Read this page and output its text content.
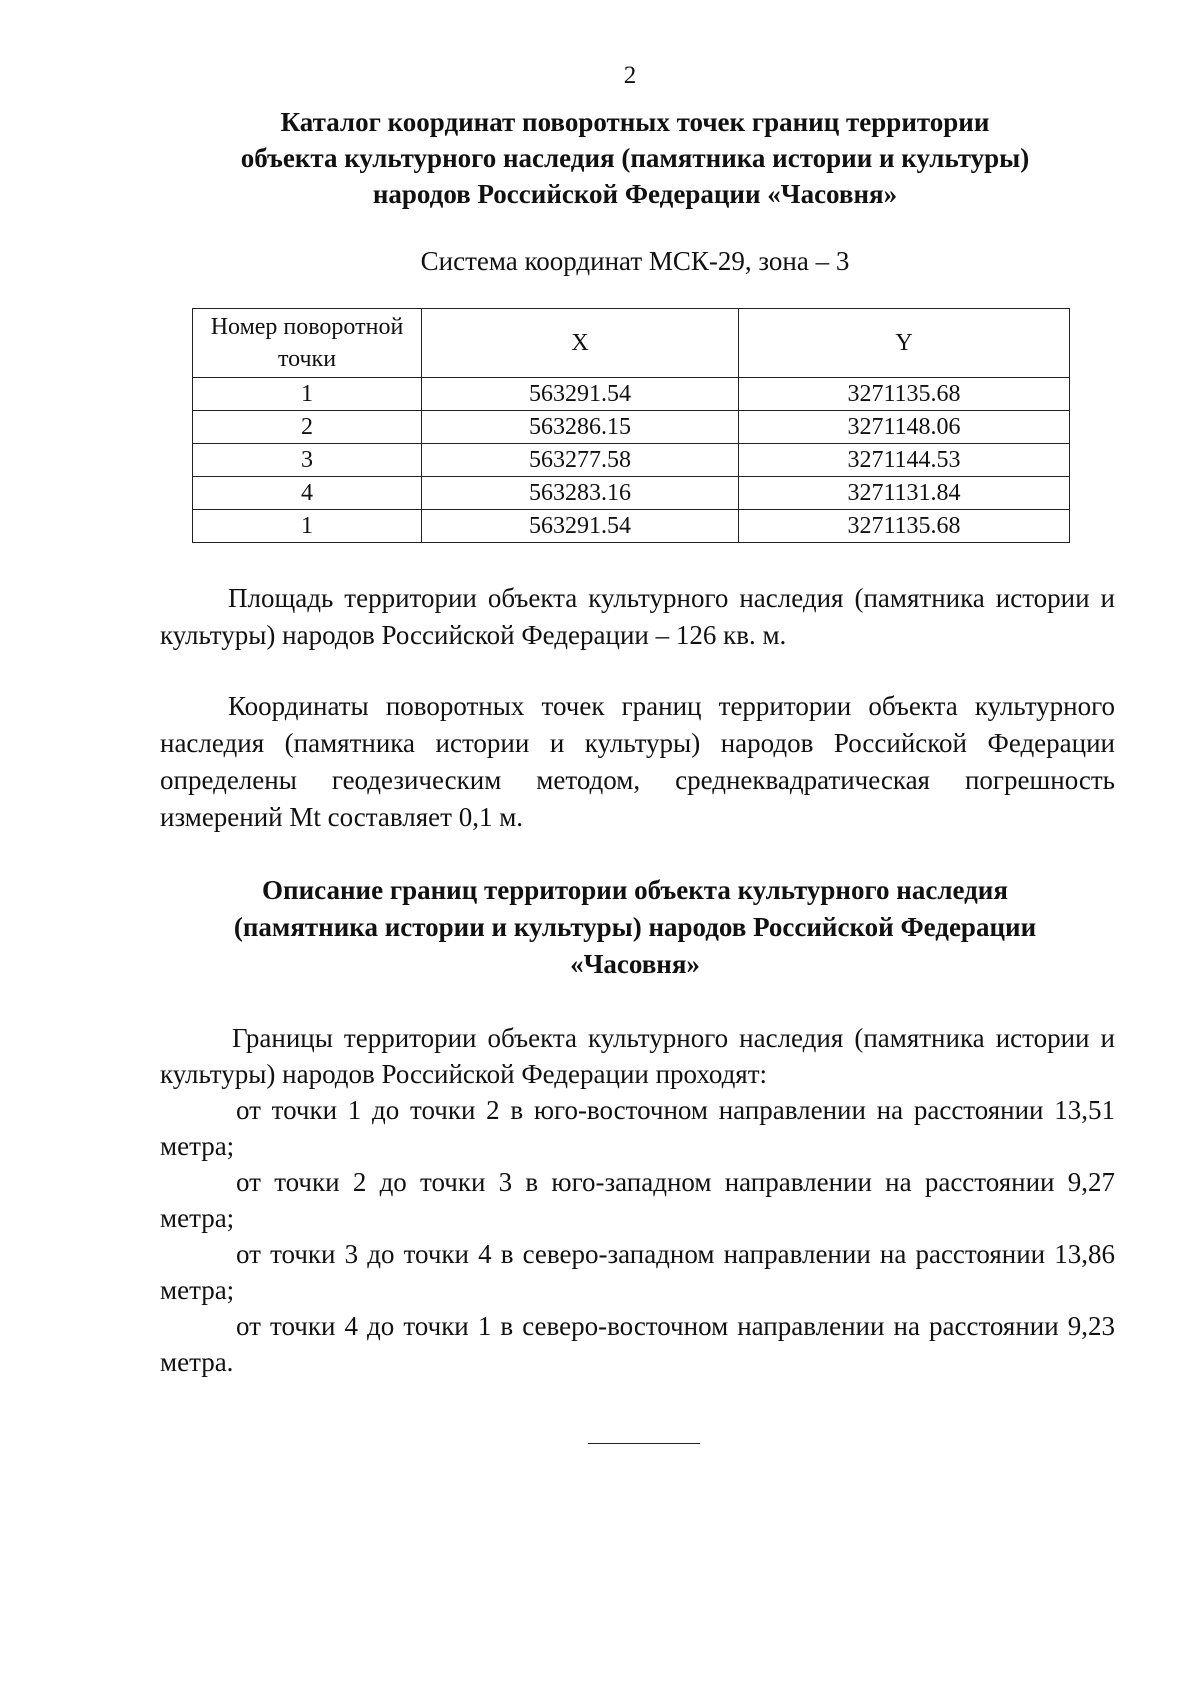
2
Каталог координат поворотных точек границ территории
объекта культурного наследия (памятника истории и культуры)
народов Российской Федерации «Часовня»
Система координат МСК-29, зона – 3
Номер поворотной точки	X	Y
1	563291.54	3271135.68
2	563286.15	3271148.06
3	563277.58	3271144.53
4	563283.16	3271131.84
1	563291.54	3271135.68
Площадь территории объекта культурного наследия (памятника истории и культуры) народов Российской Федерации – 126 кв. м.
Координаты поворотных точек границ территории объекта культурного наследия (памятника истории и культуры) народов Российской Федерации определены геодезическим методом, среднеквадратическая погрешность измерений Mt составляет 0,1 м.
Описание границ территории объекта культурного наследия
(памятника истории и культуры) народов Российской Федерации
«Часовня»
Границы территории объекта культурного наследия (памятника истории и культуры) народов Российской Федерации проходят:

от точки 1 до точки 2 в юго-восточном направлении на расстоянии 13,51 метра;

от точки 2 до точки 3 в юго-западном направлении на расстоянии 9,27 метра;

от точки 3 до точки 4 в северо-западном направлении на расстоянии 13,86 метра;

от точки 4 до точки 1 в северо-восточном направлении на расстоянии 9,23 метра.
